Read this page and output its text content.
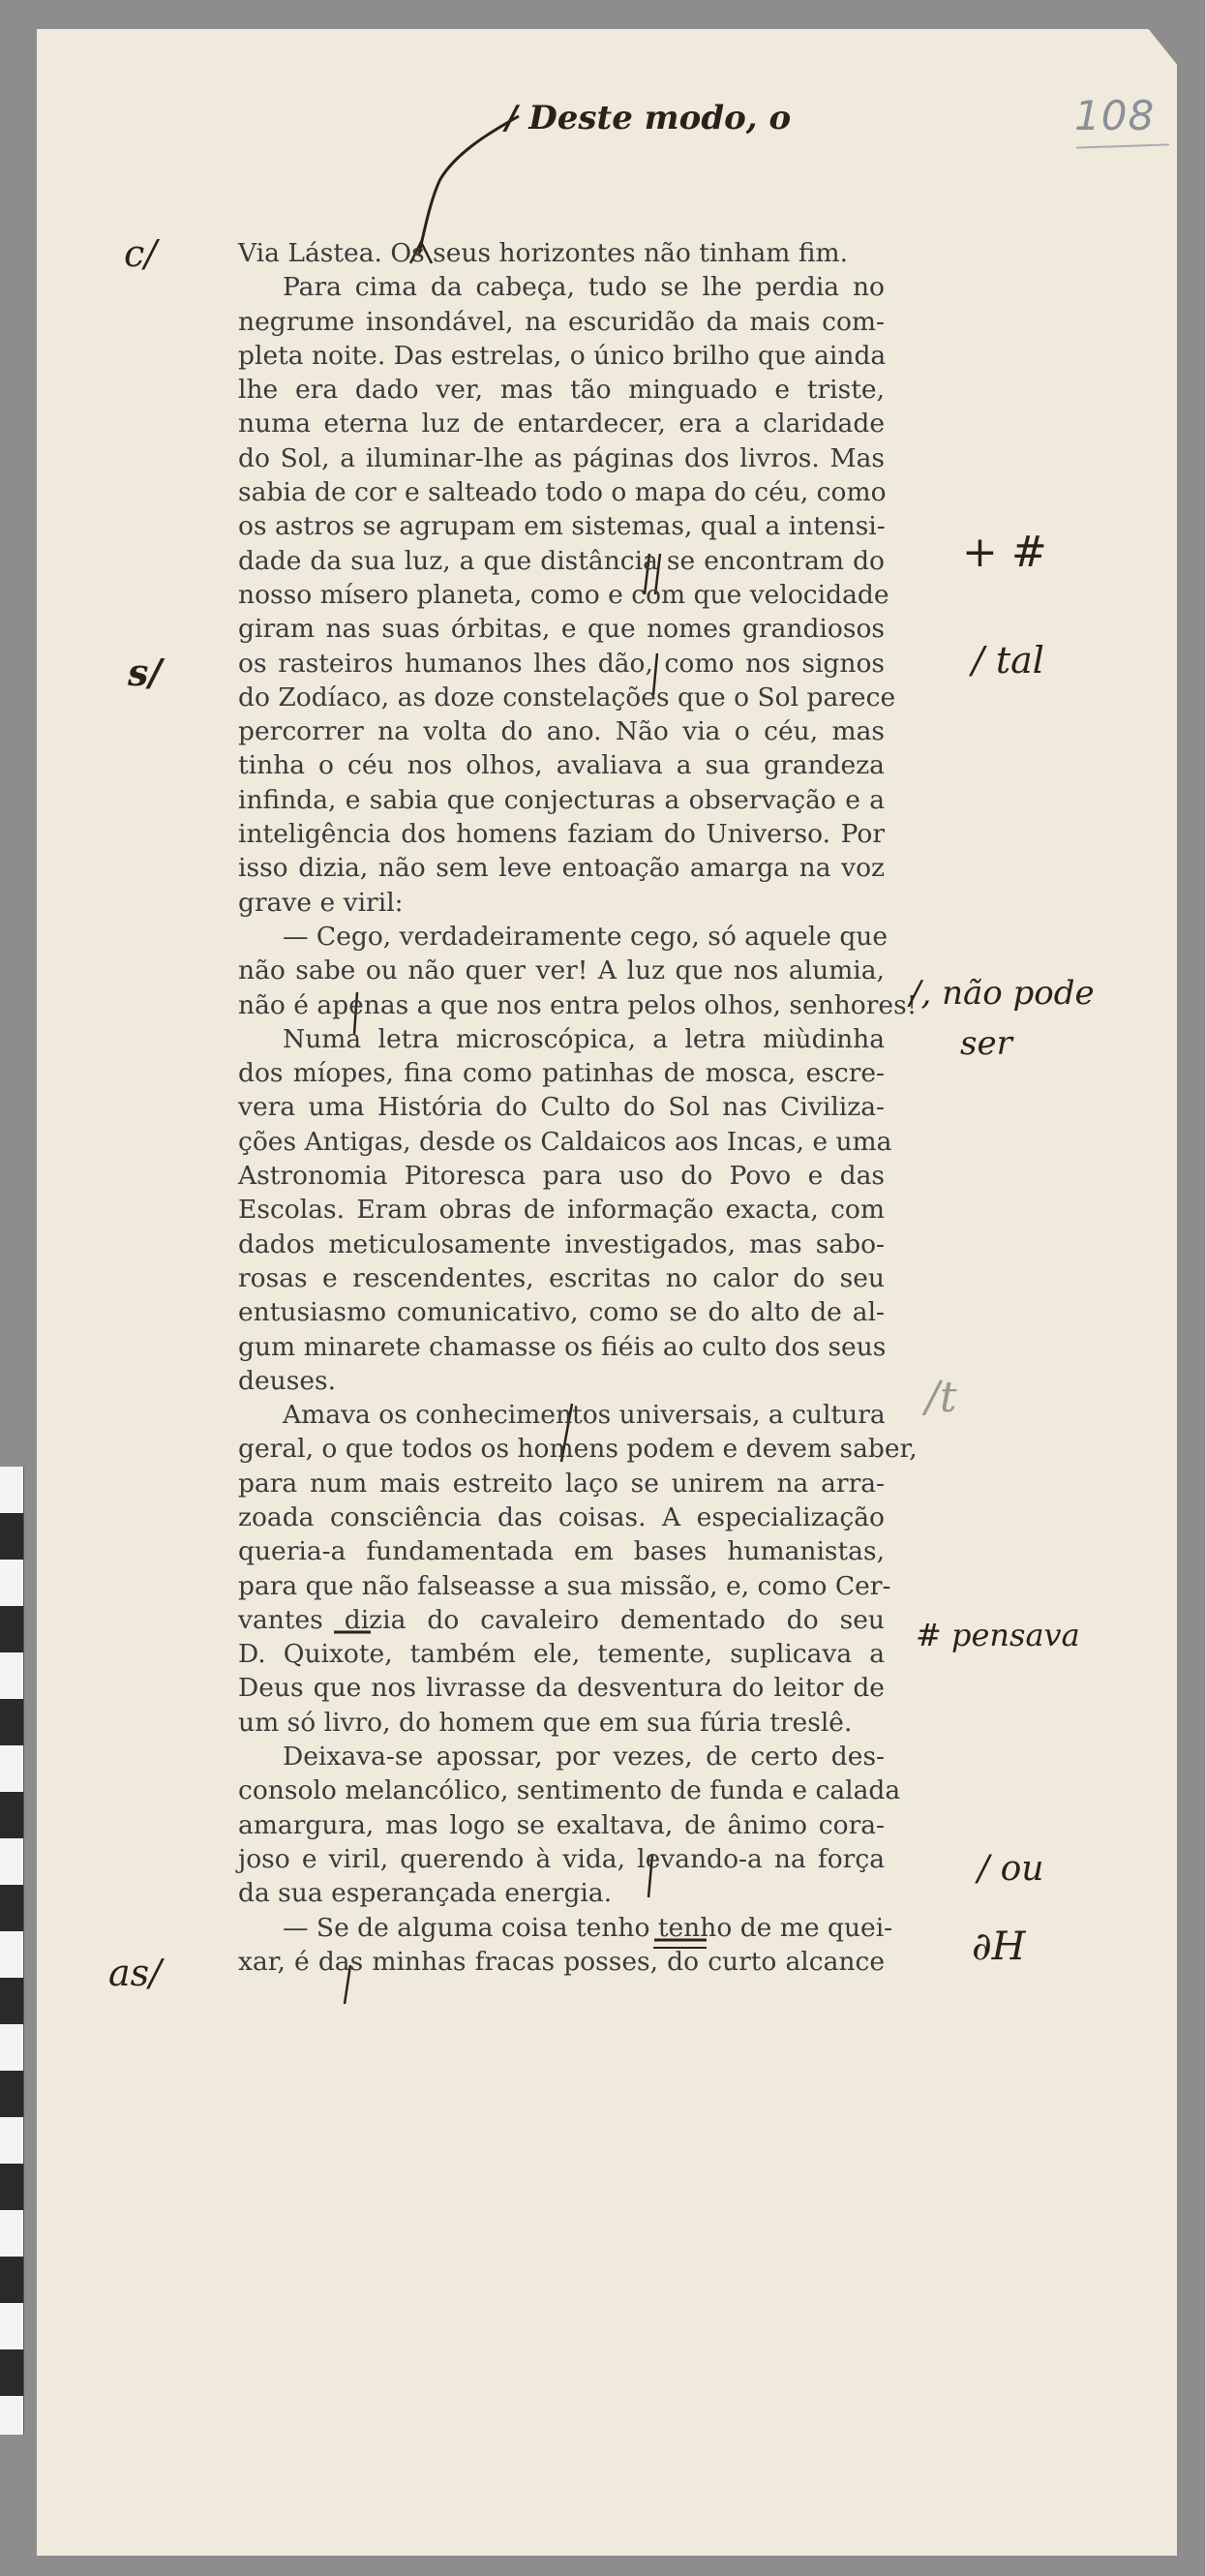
108
/ Deste modo, o
Via Lástea. Os seus horizontes não tinham fim.
Para cima da cabeça, tudo se lhe perdia no
negrume insondável, na escuridão da mais com-
pleta noite. Das estrelas, o único brilho que ainda
lhe era dado ver, mas tão minguado e triste,
numa eterna luz de entardecer, era a claridade
do Sol, a iluminar-lhe as páginas dos livros. Mas
sabia de cor e salteado todo o mapa do céu, como
os astros se agrupam em sistemas, qual a intensi-
dade da sua luz, a que distância se encontram do
nosso mísero planeta, como e com que velocidade
giram nas suas órbitas, e que nomes grandiosos
os rasteiros humanos lhes dão, como nos signos
do Zodíaco, as doze constelações que o Sol parece
percorrer na volta do ano. Não via o céu, mas
tinha o céu nos olhos, avaliava a sua grandeza
infinda, e sabia que conjecturas a observação e a
inteligência dos homens faziam do Universo. Por
isso dizia, não sem leve entoação amarga na voz
grave e viril:
— Cego, verdadeiramente cego, só aquele que
não sabe ou não quer ver! A luz que nos alumia,
não é apenas a que nos entra pelos olhos, senhores!
Numa letra microscópica, a letra miùdinha
dos míopes, fina como patinhas de mosca, escre-
vera uma História do Culto do Sol nas Civiliza-
ções Antigas, desde os Caldaicos aos Incas, e uma
Astronomia Pitoresca para uso do Povo e das
Escolas. Eram obras de informação exacta, com
dados meticulosamente investigados, mas sabo-
rosas e rescendentes, escritas no calor do seu
entusiasmo comunicativo, como se do alto de al-
gum minarete chamasse os fiéis ao culto dos seus
deuses.
Amava os conhecimentos universais, a cultura
geral, o que todos os homens podem e devem saber,
para num mais estreito laço se unirem na arra-
zoada consciência das coisas. A especialização
queria-a fundamentada em bases humanistas,
para que não falseasse a sua missão, e, como Cer-
vantes dizia do cavaleiro dementado do seu
D. Quixote, também ele, temente, suplicava a
Deus que nos livrasse da desventura do leitor de
um só livro, do homem que em sua fúria treslê.
Deixava-se apossar, por vezes, de certo des-
consolo melancólico, sentimento de funda e calada
amargura, mas logo se exaltava, de ânimo cora-
joso e viril, querendo à vida, levando-a na força
da sua esperançada energia.
— Se de alguma coisa tenho tenho de me quei-
xar, é das minhas fracas posses, do curto alcance
c/
s/
as/
+ #
/ tal
/, não pode
ser
/t
# pensava
/ ou
∂H
